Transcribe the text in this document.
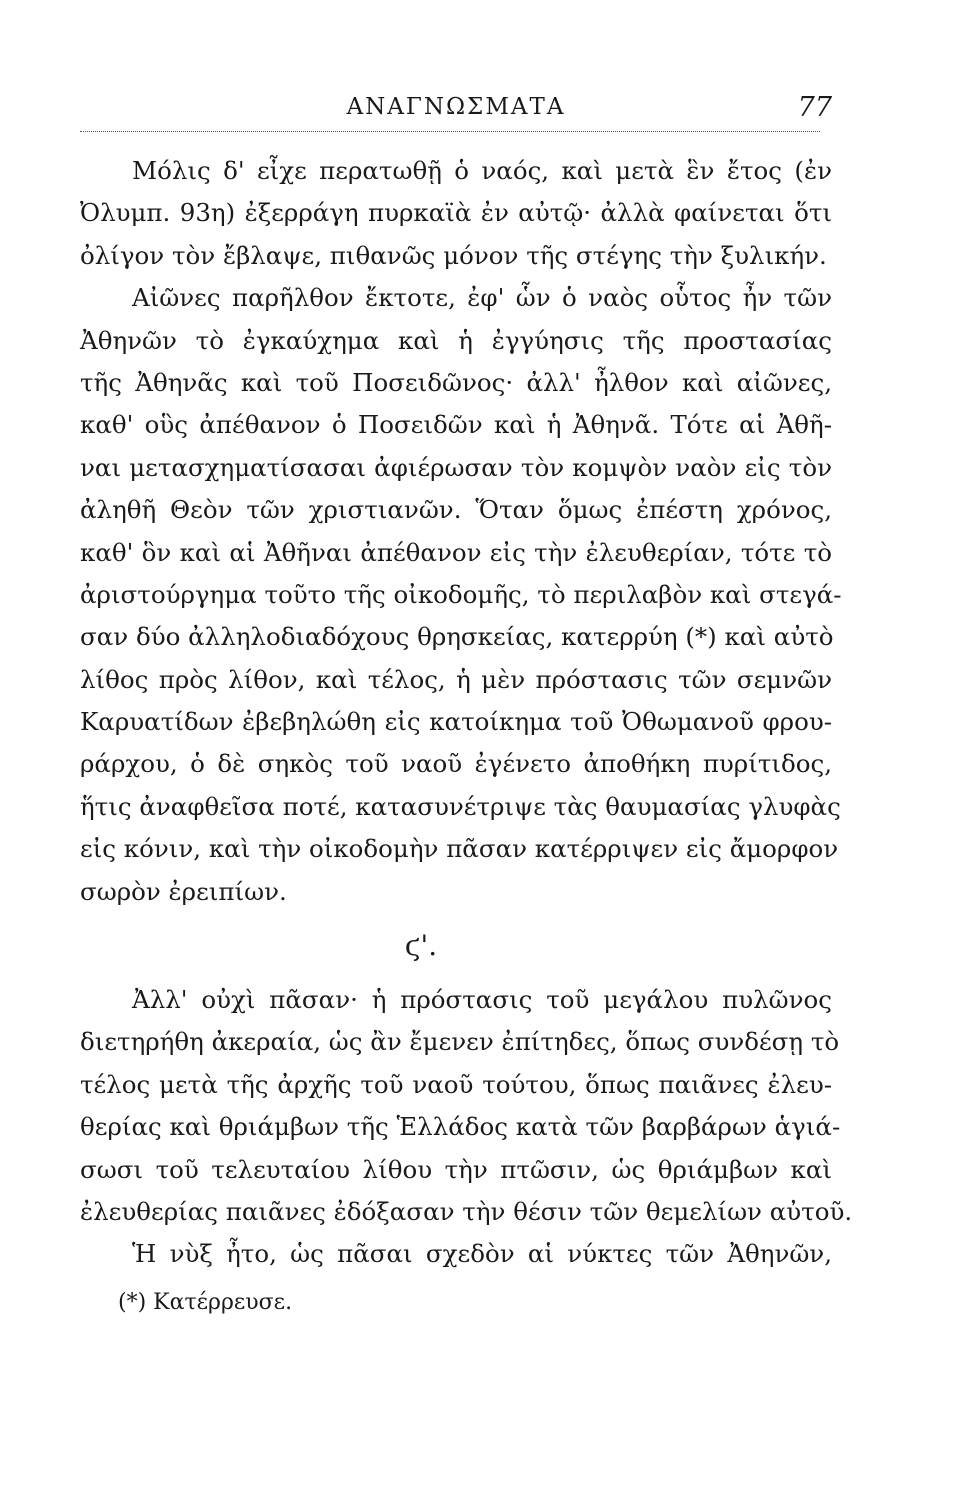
ΑΝΑΓΝΩΣΜΑΤΑ	77
Μόλις δ' εἶχε περατωθῇ ὁ ναός, καὶ μετὰ ἓν ἔτος (ἐν
Ὀλυμπ. 93η) ἐξερράγη πυρκαϊὰ ἐν αὐτῷ· ἀλλὰ φαίνεται ὅτι
ὀλίγον τὸν ἔβλαψε, πιθανῶς μόνον τῆς στέγης τὴν ξυλικήν.
Αἰῶνες παρῆλθον ἔκτοτε, ἐφ' ὧν ὁ ναὸς οὗτος ἦν τῶν
Ἀθηνῶν τὸ ἐγκαύχημα καὶ ἡ ἐγγύησις τῆς προστασίας
τῆς Ἀθηνᾶς καὶ τοῦ Ποσειδῶνος· ἀλλ' ἦλθον καὶ αἰῶνες,
καθ' οὓς ἀπέθανον ὁ Ποσειδῶν καὶ ἡ Ἀθηνᾶ. Τότε αἱ Ἀθῆ-
ναι μετασχηματίσασαι ἀφιέρωσαν τὸν κομψὸν ναὸν εἰς τὸν
ἀληθῆ Θεὸν τῶν χριστιανῶν. Ὅταν ὅμως ἐπέστη χρόνος,
καθ' ὃν καὶ αἱ Ἀθῆναι ἀπέθανον εἰς τὴν ἐλευθερίαν, τότε τὸ
ἀριστούργημα τοῦτο τῆς οἰκοδομῆς, τὸ περιλαβὸν καὶ στεγά-
σαν δύο ἀλληλοδιαδόχους θρησκείας, κατερρύη (*) καὶ αὐτὸ
λίθος πρὸς λίθον, καὶ τέλος, ἡ μὲν πρόστασις τῶν σεμνῶν
Καρυατίδων ἐβεβηλώθη εἰς κατοίκημα τοῦ Ὀθωμανοῦ φρου-
ράρχου, ὁ δὲ σηκὸς τοῦ ναοῦ ἐγένετο ἀποθήκη πυρίτιδος,
ἥτις ἀναφθεῖσα ποτέ, κατασυνέτριψε τὰς θαυμασίας γλυφὰς
εἰς κόνιν, καὶ τὴν οἰκοδομὴν πᾶσαν κατέρριψεν εἰς ἄμορφον
σωρὸν ἐρειπίων.
ϛ'.
Ἀλλ' οὐχὶ πᾶσαν· ἡ πρόστασις τοῦ μεγάλου πυλῶνος
διετηρήθη ἀκεραία, ὡς ἂν ἔμενεν ἐπίτηδες, ὅπως συνδέσῃ τὸ
τέλος μετὰ τῆς ἀρχῆς τοῦ ναοῦ τούτου, ὅπως παιᾶνες ἐλευ-
θερίας καὶ θριάμβων τῆς Ἑλλάδος κατὰ τῶν βαρβάρων ἁγιά-
σωσι τοῦ τελευταίου λίθου τὴν πτῶσιν, ὡς θριάμβων καὶ
ἐλευθερίας παιᾶνες ἐδόξασαν τὴν θέσιν τῶν θεμελίων αὐτοῦ.
Ἡ νὺξ ἦτο, ὡς πᾶσαι σχεδὸν αἱ νύκτες τῶν Ἀθηνῶν,
(*) Κατέρρευσε.
